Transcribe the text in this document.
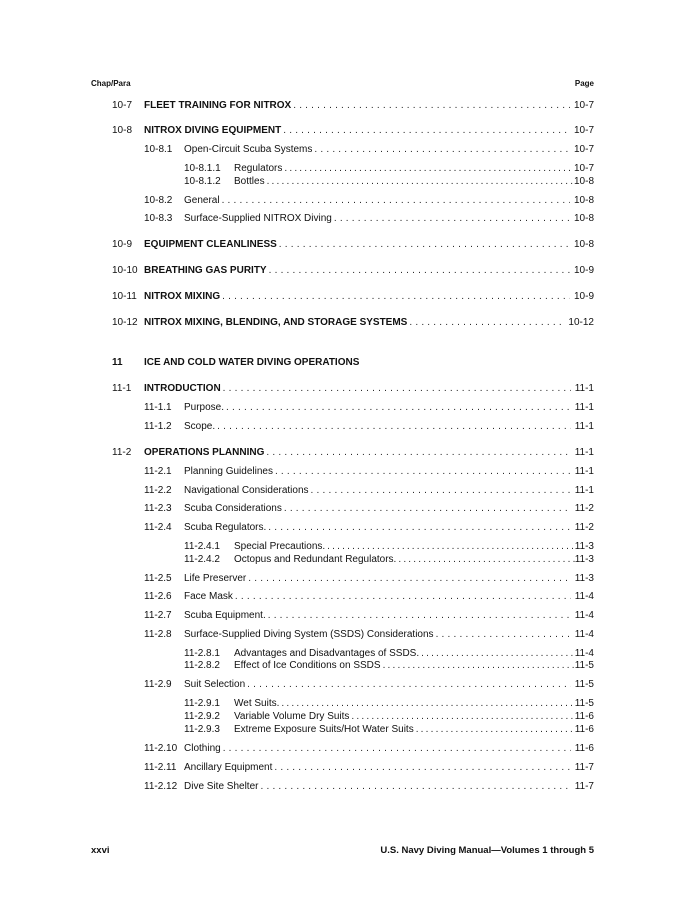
Chap/Para	Page
10-7	FLEET TRAINING FOR NITROX .....	10-7
10-8	NITROX DIVING EQUIPMENT .....	10-7
10-8.1	Open-Circuit Scuba Systems .....	10-7
10-8.1.1	Regulators .....	10-7
10-8.1.2	Bottles .....	10-8
10-8.2	General .....	10-8
10-8.3	Surface-Supplied NITROX Diving .....	10-8
10-9	EQUIPMENT CLEANLINESS .....	10-8
10-10 BREATHING GAS PURITY .....	10-9
10-11 NITROX MIXING .....	10-9
10-12 NITROX MIXING, BLENDING, AND STORAGE SYSTEMS .....	10-12
11-1	INTRODUCTION .....	11-1
11-1.1	Purpose. .....	11-1
11-1.2	Scope. .....	11-1
11-2	OPERATIONS PLANNING .....	11-1
11-2.1	Planning Guidelines .....	11-1
11-2.2	Navigational Considerations .....	11-1
11-2.3	Scuba Considerations .....	11-2
11-2.4	Scuba Regulators. .....	11-2
11-2.4.1	Special Precautions. .....	11-3
11-2.4.2	Octopus and Redundant Regulators. .....	11-3
11-2.5	Life Preserver .....	11-3
11-2.6	Face Mask .....	11-4
11-2.7	Scuba Equipment. .....	11-4
11-2.8	Surface-Supplied Diving System (SSDS) Considerations .....	11-4
11-2.8.1	Advantages and Disadvantages of SSDS. .....	11-4
11-2.8.2	Effect of Ice Conditions on SSDS .....	11-5
11-2.9	Suit Selection .....	11-5
11-2.9.1	Wet Suits. .....	11-5
11-2.9.2	Variable Volume Dry Suits .....	11-6
11-2.9.3	Extreme Exposure Suits/Hot Water Suits .....	11-6
11-2.10 Clothing .....	11-6
11-2.11 Ancillary Equipment .....	11-7
11-2.12 Dive Site Shelter .....	11-7
11 ICE AND COLD WATER DIVING OPERATIONS
xxvi	U.S. Navy Diving Manual—Volumes 1 through 5
